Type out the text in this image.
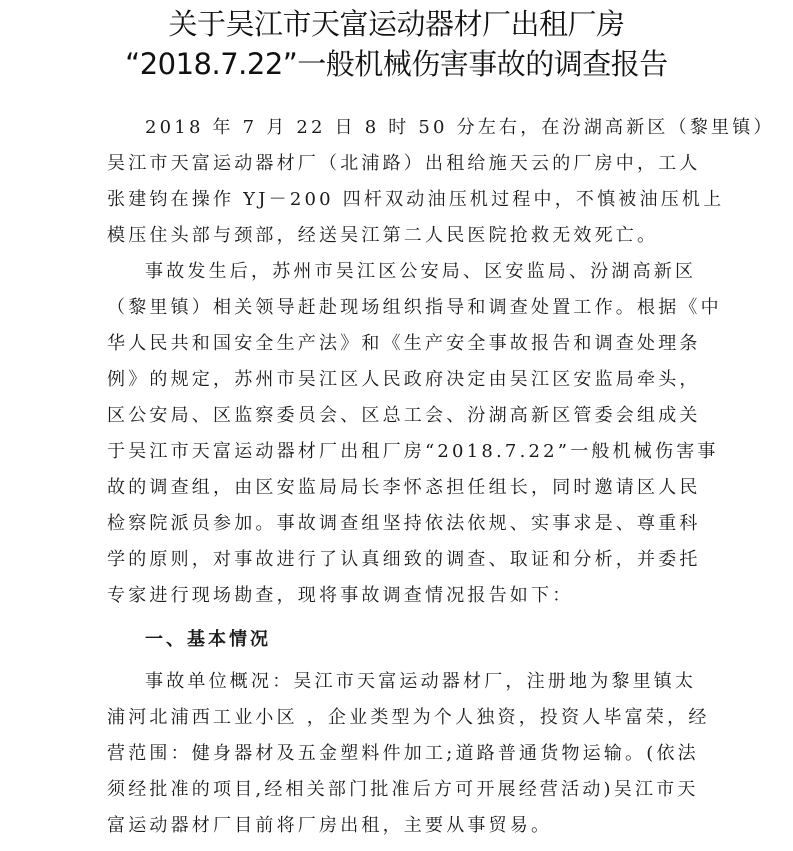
关于吴江市天富运动器材厂出租厂房
“2018.7.22”一般机械伤害事故的调查报告
2018 年 7 月 22 日 8 时 50 分左右，在汾湖高新区（黎里镇）
吴江市天富运动器材厂（北浦路）出租给施天云的厂房中，工人
张建钧在操作 YJ－200 四杆双动油压机过程中，不慎被油压机上
模压住头部与颈部，经送吴江第二人民医院抢救无效死亡。
事故发生后，苏州市吴江区公安局、区安监局、汾湖高新区
（黎里镇）相关领导赶赴现场组织指导和调查处置工作。根据《中
华人民共和国安全生产法》和《生产安全事故报告和调查处理条
例》的规定，苏州市吴江区人民政府决定由吴江区安监局牵头，
区公安局、区监察委员会、区总工会、汾湖高新区管委会组成关
于吴江市天富运动器材厂出租厂房“2018.7.22”一般机械伤害事
故的调查组，由区安监局局长李怀忞担任组长，同时邀请区人民
检察院派员参加。事故调查组坚持依法依规、实事求是、尊重科
学的原则，对事故进行了认真细致的调查、取证和分析，并委托
专家进行现场勘查，现将事故调查情况报告如下：
一、基本情况
事故单位概况：吴江市天富运动器材厂，注册地为黎里镇太
浦河北浦西工业小区 ，企业类型为个人独资，投资人毕富荣，经
营范围：健身器材及五金塑料件加工;道路普通货物运输。(依法
须经批准的项目,经相关部门批准后方可开展经营活动)吴江市天
富运动器材厂目前将厂房出租，主要从事贸易。
